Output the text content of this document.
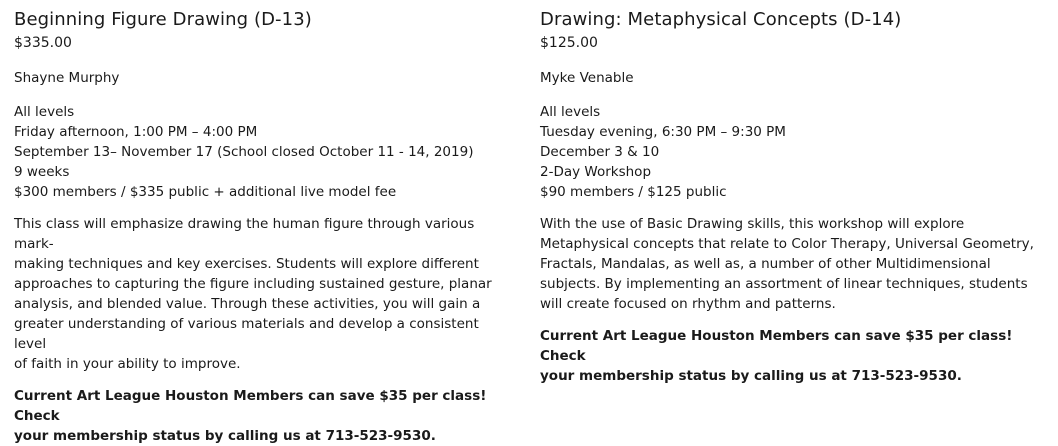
Beginning Figure Drawing (D-13)

$335.00

Shayne Murphy

All levels
Friday afternoon, 1:00 PM – 4:00 PM
September 13– November 17 (School closed October 11 - 14, 2019)
9 weeks
$300 members / $335 public + additional live model fee
This class will emphasize drawing the human figure through various mark-
making techniques and key exercises. Students will explore different
approaches to capturing the figure including sustained gesture, planar
analysis, and blended value. Through these activities, you will gain a
greater understanding of various materials and develop a consistent level
of faith in your ability to improve.
Current Art League Houston Members can save $35 per class! Check
your membership status by calling us at 713-523-9530.
Drawing: Metaphysical Concepts (D-14)

$125.00

Myke Venable

All levels
Tuesday evening, 6:30 PM – 9:30 PM
December 3 & 10
2-Day Workshop
$90 members / $125 public
With the use of Basic Drawing skills, this workshop will explore
Metaphysical concepts that relate to Color Therapy, Universal Geometry,
Fractals, Mandalas, as well as, a number of other Multidimensional
subjects. By implementing an assortment of linear techniques, students
will create focused on rhythm and patterns.
Current Art League Houston Members can save $35 per class! Check
your membership status by calling us at 713-523-9530.
